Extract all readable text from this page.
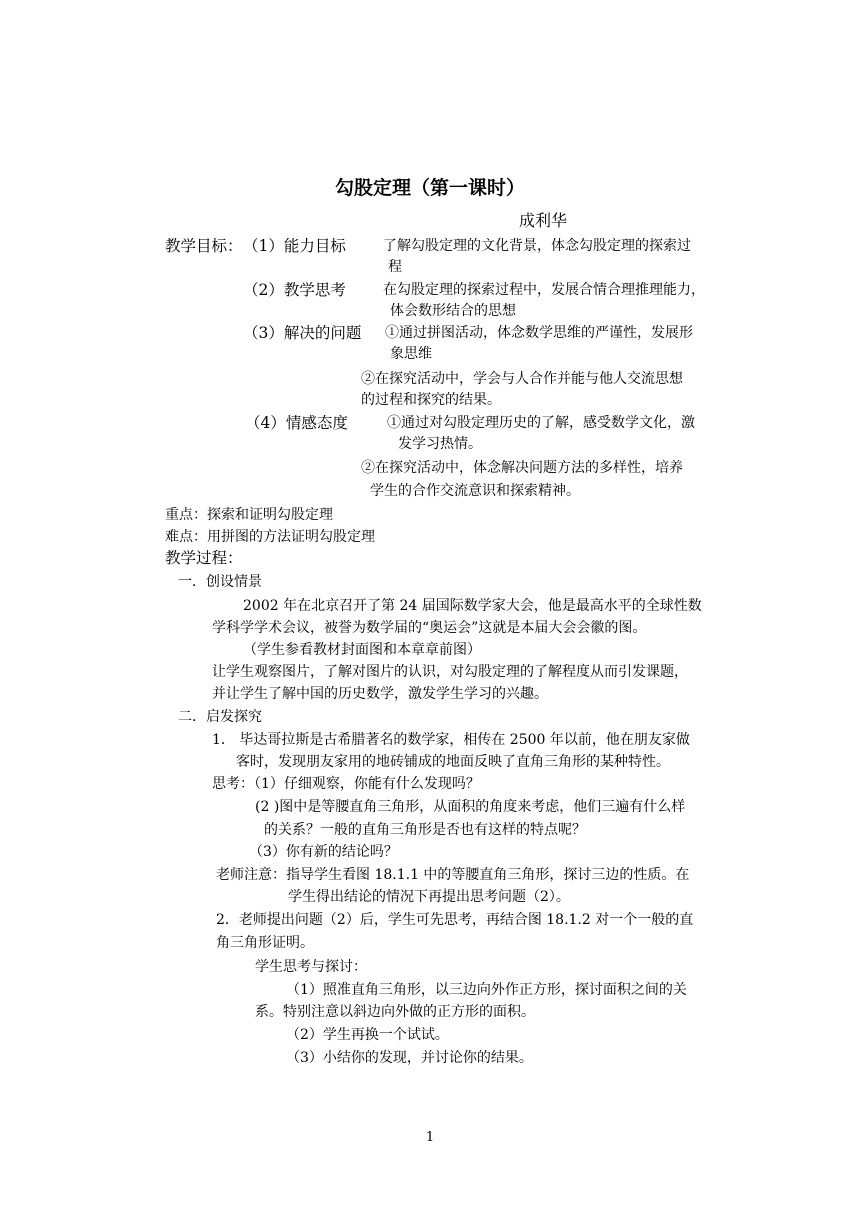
勾股定理（第一课时）
成利华
教学目标： （1）能力目标	了解勾股定理的文化背景，体念勾股定理的探索过
程
（2）教学思考	在勾股定理的探索过程中，发展合情合理推理能力，
体会数形结合的思想
（3）解决的问题 ①通过拼图活动，体念数学思维的严谨性，发展形
象思维
②在探究活动中，学会与人合作并能与他人交流思想
的过程和探究的结果。
（4）情感态度	①通过对勾股定理历史的了解，感受数学文化，激
发学习热情。
②在探究活动中，体念解决问题方法的多样性，培养
学生的合作交流意识和探索精神。
重点：探索和证明勾股定理
难点：用拼图的方法证明勾股定理
教学过程：
一．创设情景
2002 年在北京召开了第 24 届国际数学家大会，他是最高水平的全球性数
学科学学术会议，被誉为数学届的“奥运会”这就是本届大会会徽的图。
（学生参看教材封面图和本章章前图）
让学生观察图片，了解对图片的认识，对勾股定理的了解程度从而引发课题，
并让学生了解中国的历史数学，激发学生学习的兴趣。
二．启发探究
1． 毕达哥拉斯是古希腊著名的数学家，相传在 2500 年以前，他在朋友家做
客时，发现朋友家用的地砖铺成的地面反映了直角三角形的某种特性。
思考：（1）仔细观察，你能有什么发现吗？
(2 )图中是等腰直角三角形，从面积的角度来考虑，他们三遍有什么样
的关系？一般的直角三角形是否也有这样的特点呢？
（3）你有新的结论吗？
老师注意：指导学生看图 18.1.1 中的等腰直角三角形，探讨三边的性质。在
学生得出结论的情况下再提出思考问题（2）。
2．老师提出问题（2）后，学生可先思考，再结合图 18.1.2 对一个一般的直
角三角形证明。
学生思考与探讨：
（1）照准直角三角形，以三边向外作正方形，探讨面积之间的关
系。特别注意以斜边向外做的正方形的面积。
（2）学生再换一个试试。
（3）小结你的发现，并讨论你的结果。
1
